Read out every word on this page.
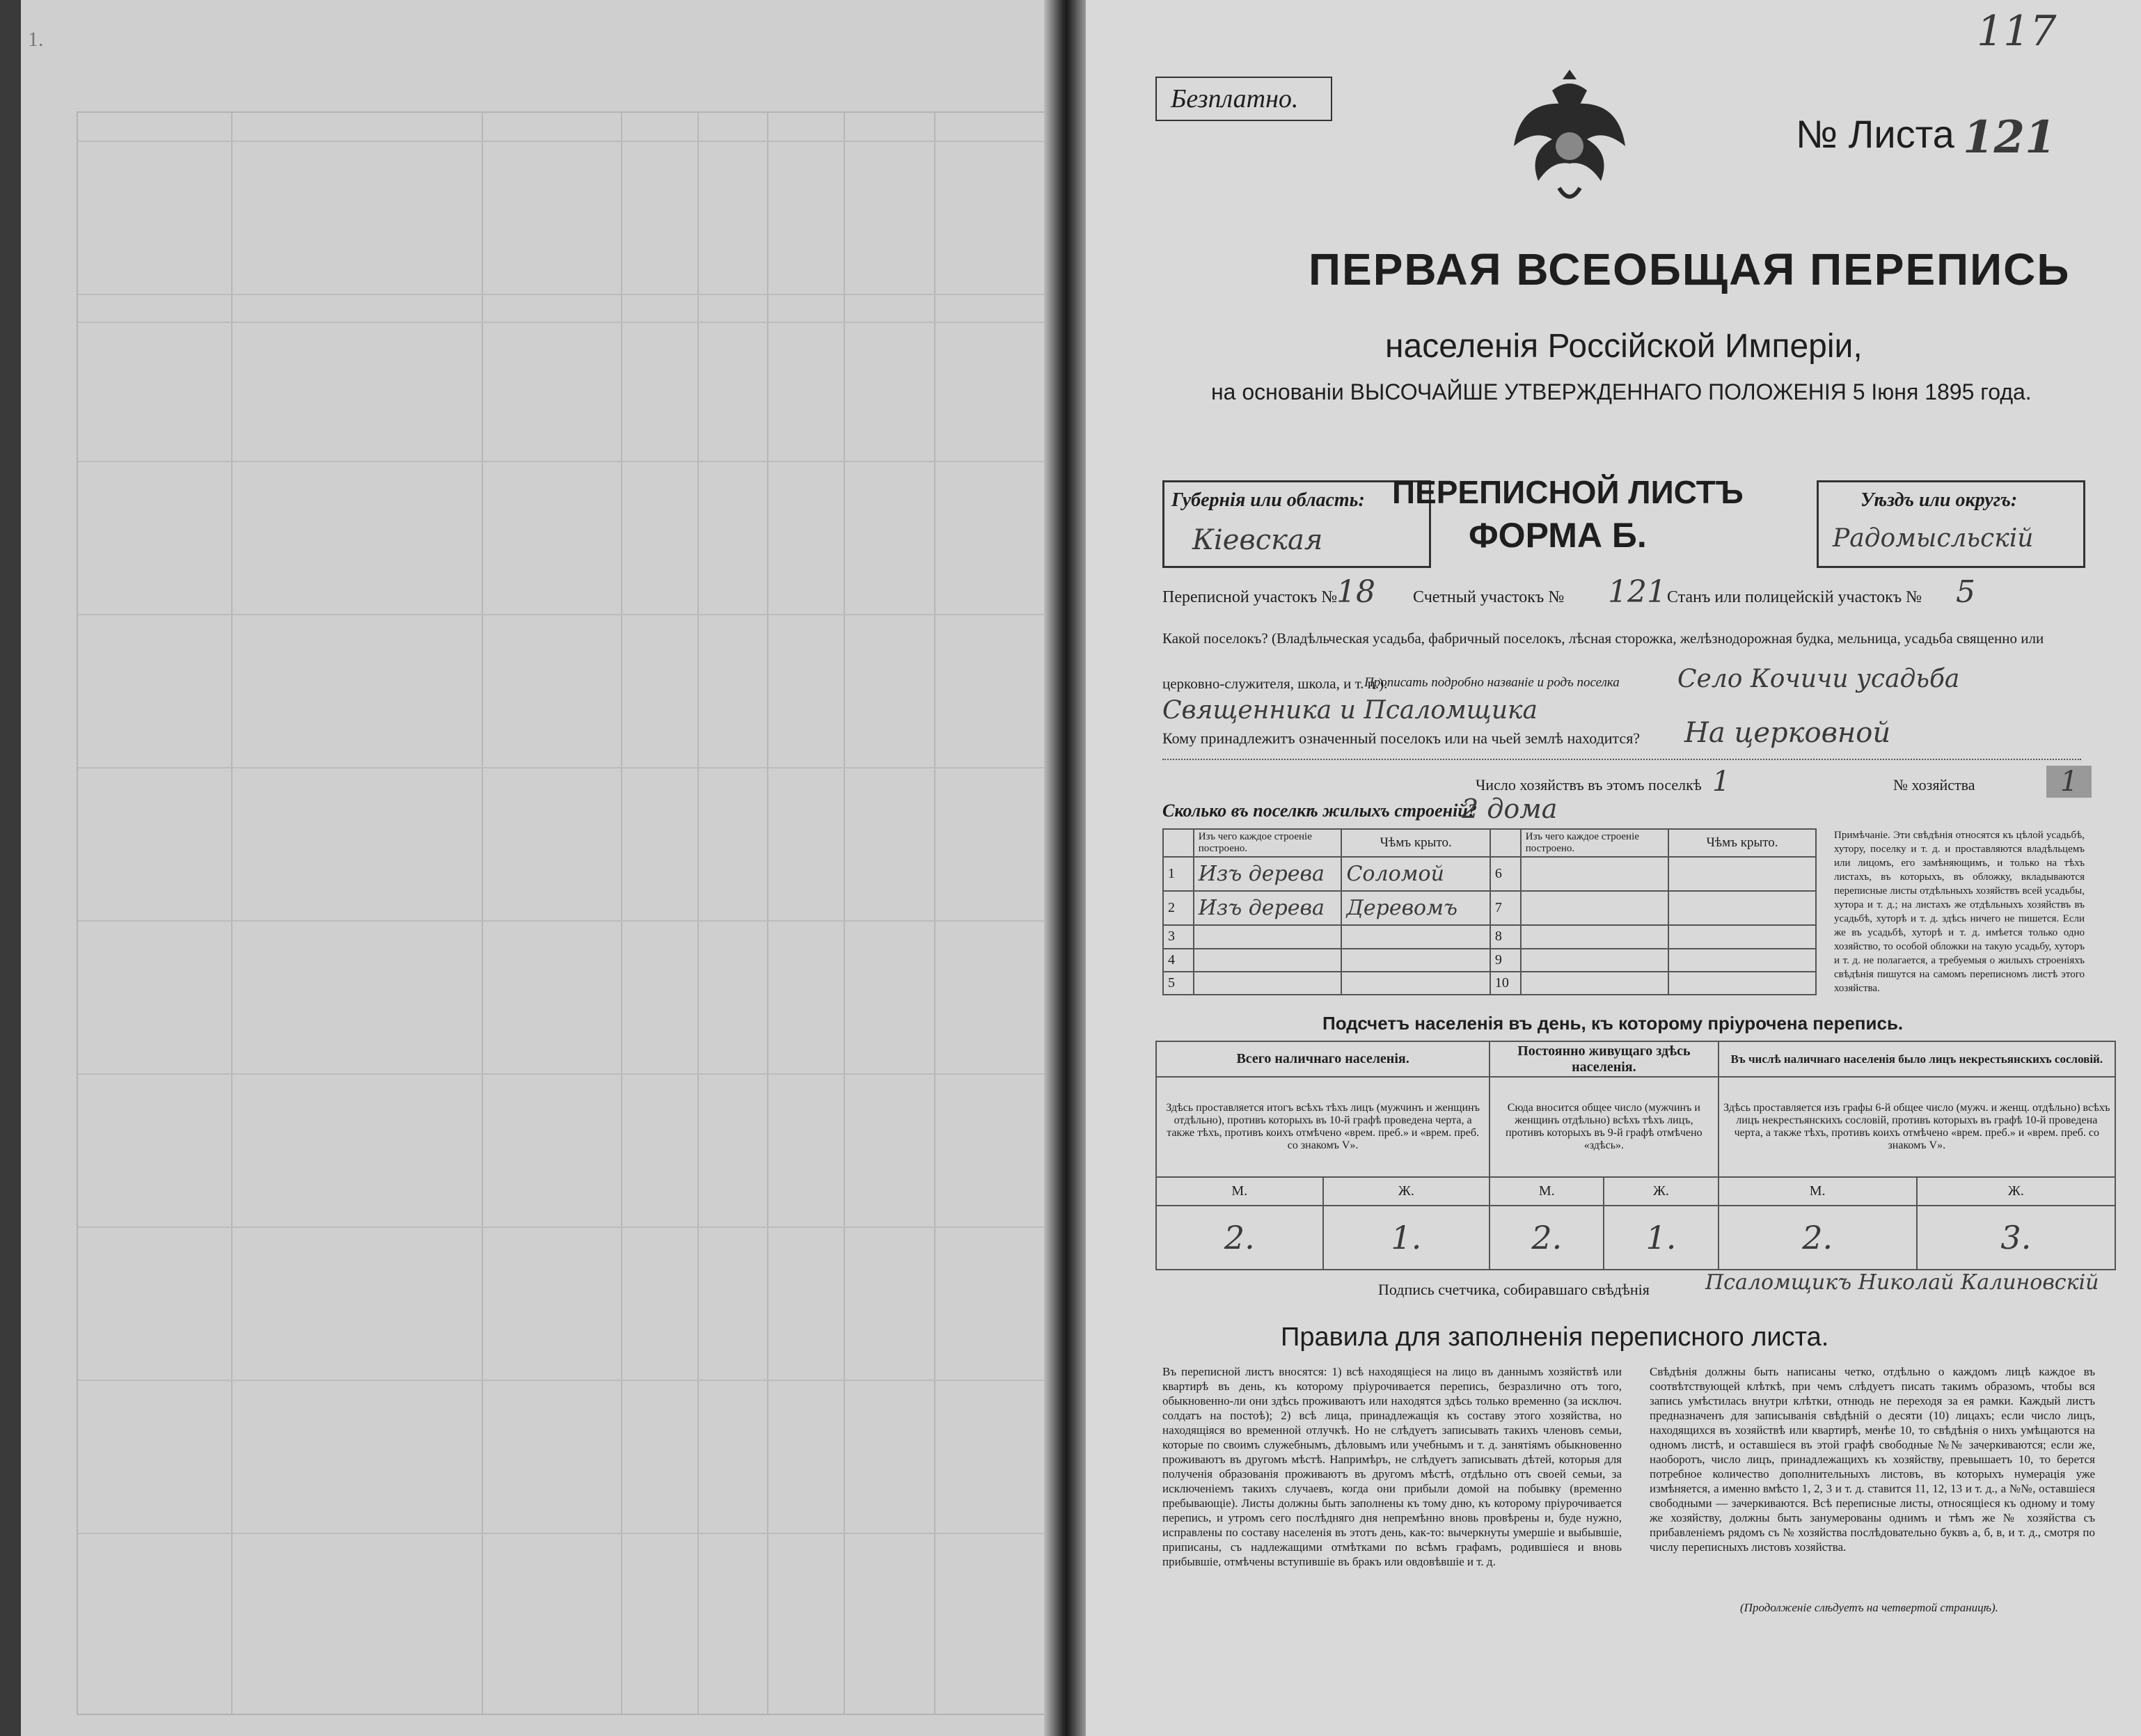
1.	117
Безплатно.
№ Листа 121
ПЕРВАЯ ВСЕОБЩАЯ ПЕРЕПИСЬ
населенія Россійской Имперіи,
на основаніи ВЫСОЧАЙШЕ УТВЕРЖДЕННАГО ПОЛОЖЕНІЯ 5 Іюня 1895 года.
Губернія или область:
Кіевская
ПЕРЕПИСНОЙ ЛИСТЪ
ФОРМА Б.
Уѣздъ или округъ:
Радомысльскій
Переписной участокъ №
18 Счетный участокъ № 121 Станъ или полицейскій участокъ № 5
Какой поселокъ? (Владѣльческая усадьба, фабричный поселокъ, лѣсная сторожка, желѣзнодорожная будка, мельница, усадьба священно или
церковно-служителя, школа, и т. п.).
Прописать подробно названіе и родъ поселка Село Кочичи усадьба
Священника и Псаломщика
Кому принадлежитъ означенный поселокъ или на чьей землѣ находится? На церковной
Число хозяйствъ въ этомъ поселкѣ 1	№ хозяйства	1
Сколько въ поселкѣ жилыхъ строеній?
2 дома
	Изъ чего каждое строеніе построено.	Чѣмъ крыто.		Изъ чего каждое строеніе построено.	Чѣмъ крыто.
1	Изъ дерева	Соломой	6		
2	Изъ дерева	Деревомъ	7		
3			8		
4			9		
5			10		
Примѣчаніе. Эти свѣдѣнія относятся къ цѣлой усадьбѣ, хутору, поселку и т. д. и проставляются владѣльцемъ или лицомъ, его замѣняющимъ, и только на тѣхъ листахъ, въ которыхъ, въ обложку, вкладываются переписные листы отдѣльныхъ хозяйствъ всей усадьбы, хутора и т. д.; на листахъ же отдѣльныхъ хозяйствъ въ усадьбѣ, хуторѣ и т. д. здѣсь ничего не пишется. Если же въ усадьбѣ, хуторѣ и т. д. имѣется только одно хозяйство, то особой обложки на такую усадьбу, хуторъ и т. д. не полагается, а требуемыя о жилыхъ строеніяхъ свѣдѣнія пишутся на самомъ переписномъ листѣ этого хозяйства.
Подсчетъ населенія въ день, къ которому пріурочена перепись.
Всего наличнаго населенія.		Постоянно живущаго здѣсь населенія.		Въ числѣ наличнаго населенія было лицъ некрестьянскихъ сословій.	
Здѣсь проставляется итогъ всѣхъ тѣхъ лицъ (мужчинъ и женщинъ отдѣльно), противъ которыхъ въ 10-й графѣ проведена черта, а также тѣхъ, противъ коихъ отмѣчено «врем. преб.» и «врем. преб. со знакомъ V».		Сюда вносится общее число (мужчинъ и женщинъ отдѣльно) всѣхъ тѣхъ лицъ, противъ которыхъ въ 9-й графѣ отмѣчено «здѣсь».		Здѣсь проставляется изъ графы 6-й общее число (мужч. и женщ. отдѣльно) всѣхъ лицъ некрестьянскихъ сословій, противъ которыхъ въ графѣ 10-й проведена черта, а также тѣхъ, противъ коихъ отмѣчено «врем. преб.» и «врем. преб. со знакомъ V».	
М.	Ж.	М.	Ж.	М.	Ж.
2.	1.	2.	1.	2.	3.
Подпись счетчика, собиравшаго свѣдѣнія	Псаломщикъ Николай Калиновскій
Правила для заполненія переписного листа.
Въ переписной листъ вносятся: 1) всѣ находящіеся на лицо въ даннымъ хозяйствѣ или квартирѣ въ день, къ которому пріурочивается перепись, безразлично отъ того, обыкновенно-ли они здѣсь проживаютъ или находятся здѣсь только временно (за исключ. солдатъ на постоѣ); 2) всѣ лица, принадлежащія къ составу этого хозяйства, но находящіяся во временной отлучкѣ. Но не слѣдуетъ записывать такихъ членовъ семьи, которые по своимъ служебнымъ, дѣловымъ или учебнымъ и т. д. занятіямъ обыкновенно проживаютъ въ другомъ мѣстѣ. Напримѣръ, не слѣдуетъ записывать дѣтей, которыя для полученія образованія проживаютъ въ другомъ мѣстѣ, отдѣльно отъ своей семьи, за исключеніемъ такихъ случаевъ, когда они прибыли домой на побывку (временно пребывающіе). Листы должны быть заполнены къ тому дню, къ которому пріурочивается перепись, и утромъ сего послѣдняго дня непремѣнно вновь провѣрены и, буде нужно, исправлены по составу населенія въ этотъ день, как-то: вычеркнуты умершіе и выбывшіе, приписаны, съ надлежащими отмѣтками по всѣмъ графамъ, родившіеся и вновь прибывшіе, отмѣчены вступившіе въ бракъ или овдовѣвшіе и т. д.
Свѣдѣнія должны быть написаны четко, отдѣльно о каждомъ лицѣ каждое въ соотвѣтствующей клѣткѣ, при чемъ слѣдуетъ писать такимъ образомъ, чтобы вся запись умѣстилась внутри клѣтки, отнюдь не переходя за ея рамки. Каждый листъ предназначенъ для записыванія свѣдѣній о десяти (10) лицахъ; если число лицъ, находящихся въ хозяйствѣ или квартирѣ, менѣе 10, то свѣдѣнія о нихъ умѣщаются на одномъ листѣ, и оставшіеся въ этой графѣ свободные №№ зачеркиваются; если же, наоборотъ, число лицъ, принадлежащихъ къ хозяйству, превышаетъ 10, то берется потребное количество дополнительныхъ листовъ, въ которыхъ нумерація уже измѣняется, а именно вмѣсто 1, 2, 3 и т. д. ставится 11, 12, 13 и т. д., а №№, оставшіеся свободными — зачеркиваются. Всѣ переписные листы, относящіеся къ одному и тому же хозяйству, должны быть занумерованы однимъ и тѣмъ же № хозяйства съ прибавленіемъ рядомъ съ № хозяйства послѣдовательно буквъ а, б, в, и т. д., смотря по числу переписныхъ листовъ хозяйства.
(Продолженіе слѣдуетъ на четвертой страницѣ).
